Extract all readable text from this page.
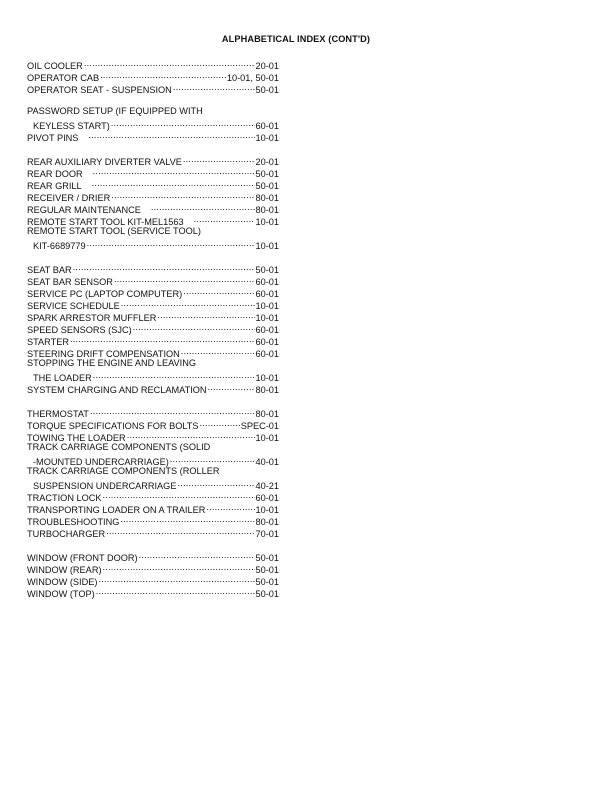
ALPHABETICAL INDEX (CONT'D)
OIL COOLER .....	20-01
OPERATOR CAB .....	10-01, 50-01
OPERATOR SEAT - SUSPENSION .....	50-01
PASSWORD SETUP (IF EQUIPPED WITH
KEYLESS START) .....	60-01
PIVOT PINS .....	10-01
REAR AUXILIARY DIVERTER VALVE .....	20-01
REAR DOOR .....	50-01
REAR GRILL .....	50-01
RECEIVER / DRIER .....	80-01
REGULAR MAINTENANCE .....	80-01
REMOTE START TOOL KIT-MEL1563 .....	10-01
REMOTE START TOOL (SERVICE TOOL)
KIT-6689779 .....	10-01
SEAT BAR .....	50-01
SEAT BAR SENSOR .....	60-01
SERVICE PC (LAPTOP COMPUTER) .....	60-01
SERVICE SCHEDULE .....	10-01
SPARK ARRESTOR MUFFLER .....	10-01
SPEED SENSORS (SJC) .....	60-01
STARTER .....	60-01
STEERING DRIFT COMPENSATION .....	60-01
STOPPING THE ENGINE AND LEAVING
THE LOADER .....	10-01
SYSTEM CHARGING AND RECLAMATION .....	80-01
THERMOSTAT .....	80-01
TORQUE SPECIFICATIONS FOR BOLTS .....	SPEC-01
TOWING THE LOADER .....	10-01
TRACK CARRIAGE COMPONENTS (SOLID
-MOUNTED UNDERCARRIAGE) .....	40-01
TRACK CARRIAGE COMPONENTS (ROLLER
SUSPENSION UNDERCARRIAGE .....	40-21
TRACTION LOCK .....	60-01
TRANSPORTING LOADER ON A TRAILER .....	10-01
TROUBLESHOOTING .....	80-01
TURBOCHARGER .....	70-01
WINDOW (FRONT DOOR) .....	50-01
WINDOW (REAR) .....	50-01
WINDOW (SIDE) .....	50-01
WINDOW (TOP) .....	50-01
